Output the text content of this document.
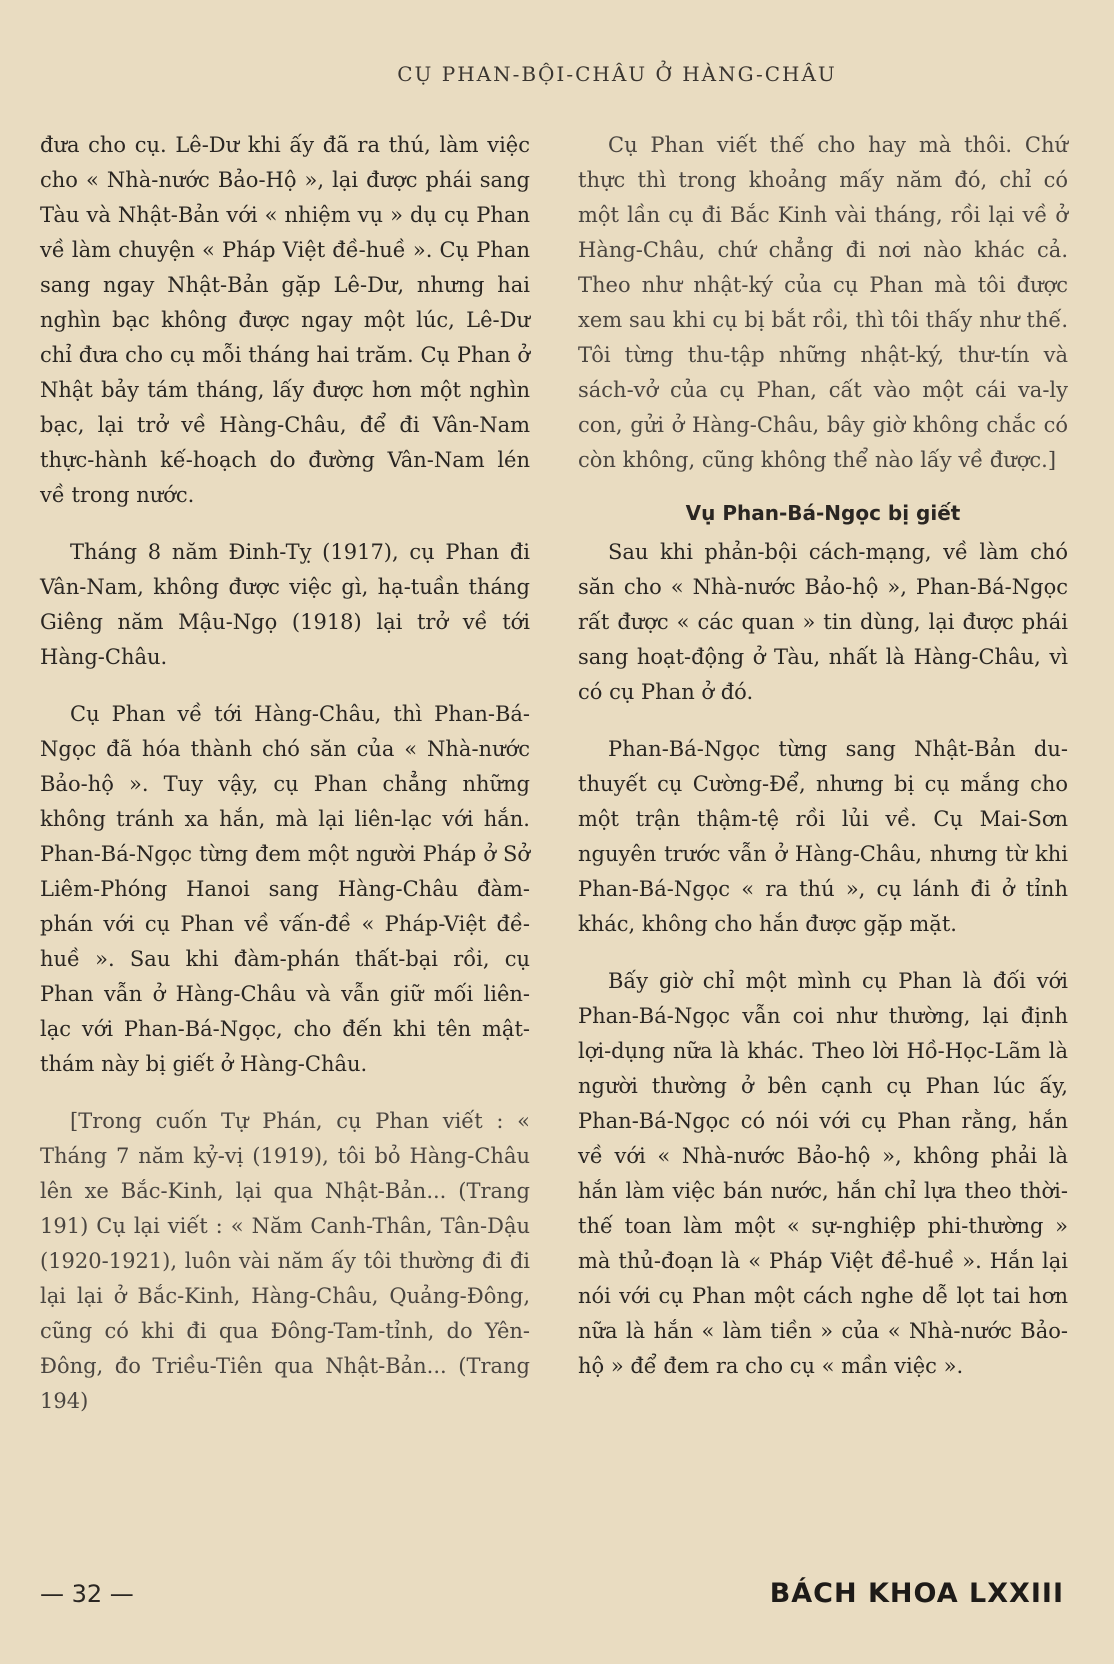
CỤ PHAN-BỘI-CHÂU Ở HÀNG-CHÂU

đưa cho cụ. Lê-Dư khi ấy đã ra thú, làm việc cho « Nhà-nước Bảo-Hộ », lại được phái sang Tàu và Nhật-Bản với « nhiệm vụ » dụ cụ Phan về làm chuyện « Pháp Việt đề-huề ». Cụ Phan sang ngay Nhật-Bản gặp Lê-Dư, nhưng hai nghìn bạc không được ngay một lúc, Lê-Dư chỉ đưa cho cụ mỗi tháng hai trăm. Cụ Phan ở Nhật bảy tám tháng, lấy được hơn một nghìn bạc, lại trở về Hàng-Châu, để đi Vân-Nam thực-hành kế-hoạch do đường Vân-Nam lén về trong nước.

Tháng 8 năm Đinh-Tỵ (1917), cụ Phan đi Vân-Nam, không được việc gì, hạ-tuần tháng Giêng năm Mậu-Ngọ (1918) lại trở về tới Hàng-Châu.

Cụ Phan về tới Hàng-Châu, thì Phan-Bá-Ngọc đã hóa thành chó săn của « Nhà-nước Bảo-hộ ». Tuy vậy, cụ Phan chẳng những không tránh xa hắn, mà lại liên-lạc với hắn. Phan-Bá-Ngọc từng đem một người Pháp ở Sở Liêm-Phóng Hanoi sang Hàng-Châu đàm-phán với cụ Phan về vấn-đề « Pháp-Việt đề-huề ». Sau khi đàm-phán thất-bại rồi, cụ Phan vẫn ở Hàng-Châu và vẫn giữ mối liên-lạc với Phan-Bá-Ngọc, cho đến khi tên mật-thám này bị giết ở Hàng-Châu.

[Trong cuốn Tự Phán, cụ Phan viết : « Tháng 7 năm kỷ-vị (1919), tôi bỏ Hàng-Châu lên xe Bắc-Kinh, lại qua Nhật-Bản... (Trang 191) Cụ lại viết : « Năm Canh-Thân, Tân-Dậu (1920-1921), luôn vài năm ấy tôi thường đi đi lại lại ở Bắc-Kinh, Hàng-Châu, Quảng-Đông, cũng có khi đi qua Đông-Tam-tỉnh, do Yên-Đông, đo Triều-Tiên qua Nhật-Bản... (Trang 194)

Cụ Phan viết thế cho hay mà thôi. Chứ thực thì trong khoảng mấy năm đó, chỉ có một lần cụ đi Bắc Kinh vài tháng, rồi lại về ở Hàng-Châu, chứ chẳng đi nơi nào khác cả. Theo như nhật-ký của cụ Phan mà tôi được xem sau khi cụ bị bắt rồi, thì tôi thấy như thế. Tôi từng thu-tập những nhật-ký, thư-tín và sách-vở của cụ Phan, cất vào một cái va-ly con, gửi ở Hàng-Châu, bây giờ không chắc có còn không, cũng không thể nào lấy về được.]

Vụ Phan-Bá-Ngọc bị giết

Sau khi phản-bội cách-mạng, về làm chó săn cho « Nhà-nước Bảo-hộ », Phan-Bá-Ngọc rất được « các quan » tin dùng, lại được phái sang hoạt-động ở Tàu, nhất là Hàng-Châu, vì có cụ Phan ở đó.

Phan-Bá-Ngọc từng sang Nhật-Bản du-thuyết cụ Cường-Để, nhưng bị cụ mắng cho một trận thậm-tệ rồi lủi về. Cụ Mai-Sơn nguyên trước vẫn ở Hàng-Châu, nhưng từ khi Phan-Bá-Ngọc « ra thú », cụ lánh đi ở tỉnh khác, không cho hắn được gặp mặt.

Bấy giờ chỉ một mình cụ Phan là đối với Phan-Bá-Ngọc vẫn coi như thường, lại định lợi-dụng nữa là khác. Theo lời Hồ-Học-Lãm là người thường ở bên cạnh cụ Phan lúc ấy, Phan-Bá-Ngọc có nói với cụ Phan rằng, hắn về với « Nhà-nước Bảo-hộ », không phải là hắn làm việc bán nước, hắn chỉ lựa theo thời-thế toan làm một « sự-nghiệp phi-thường » mà thủ-đoạn là « Pháp Việt đề-huề ». Hắn lại nói với cụ Phan một cách nghe dễ lọt tai hơn nữa là hắn « làm tiền » của « Nhà-nước Bảo-hộ » để đem ra cho cụ « mần việc ».

— 32 —	BÁCH KHOA LXXIII
